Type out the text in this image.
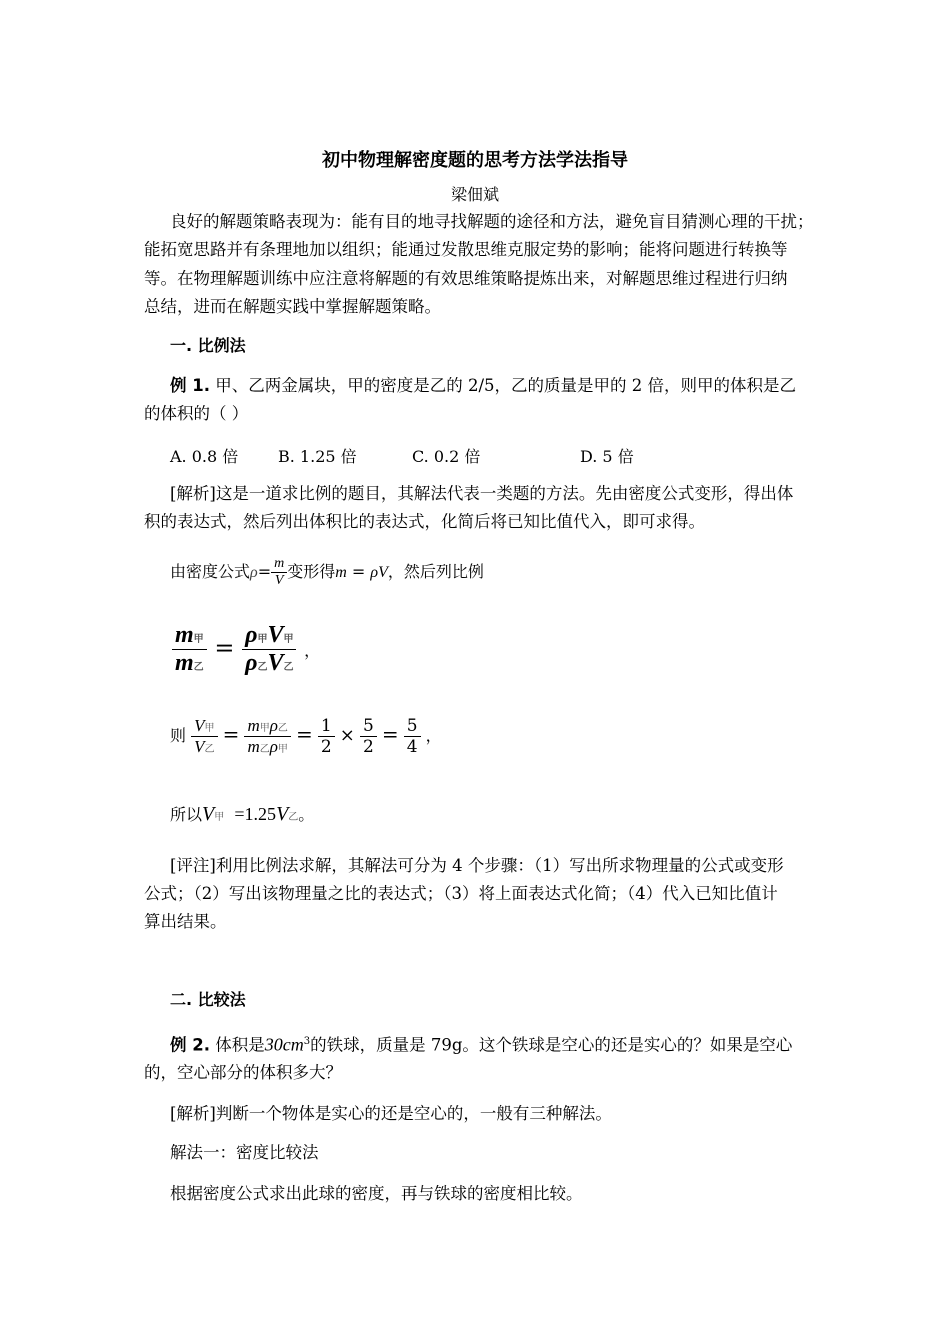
初中物理解密度题的思考方法学法指导
梁佃斌
良好的解题策略表现为：能有目的地寻找解题的途径和方法，避免盲目猜测心理的干扰；
能拓宽思路并有条理地加以组织；能通过发散思维克服定势的影响；能将问题进行转换等
等。在物理解题训练中应注意将解题的有效思维策略提炼出来，对解题思维过程进行归纳
总结，进而在解题实践中掌握解题策略。
一. 比例法
例 1. 甲、乙两金属块，甲的密度是乙的 2/5，乙的质量是甲的 2 倍，则甲的体积是乙
的体积的（ ）
A. 0.8 倍 B. 1.25 倍	C. 0.2 倍	D. 5 倍
[解析]这是一道求比例的题目，其解法代表一类题的方法。先由密度公式变形，得出体
积的表达式，然后列出体积比的表达式，化简后将已知比值代入，即可求得。
由密度公式$\rho= \frac{m}{V}$ 变形得m = ρV，然后列比例
$\frac{\text{m甲}}{\text{m乙}} = \frac{\text{ρ甲V甲}}{\text{ρ乙V乙}}$ ，
则 $\frac{\text{V甲}}{\text{V乙}} = \frac{\text{m甲ρ乙}}{\text{m乙ρ甲}} = \frac{1}{2} \times \frac{5}{2} = \frac{5}{4}$ ，
所以V甲 =1.25V乙。
[评注]利用比例法求解，其解法可分为 4 个步骤：（1）写出所求物理量的公式或变形
公式；（2）写出该物理量之比的表达式；（3）将上面表达式化简；（4）代入已知比值计
算出结果。
二. 比较法
例 2. 体积是$30cm^3$的铁球，质量是 79g。这个铁球是空心的还是实心的？如果是空心
的，空心部分的体积多大？
[解析]判断一个物体是实心的还是空心的，一般有三种解法。
解法一：密度比较法
根据密度公式求出此球的密度，再与铁球的密度相比较。
